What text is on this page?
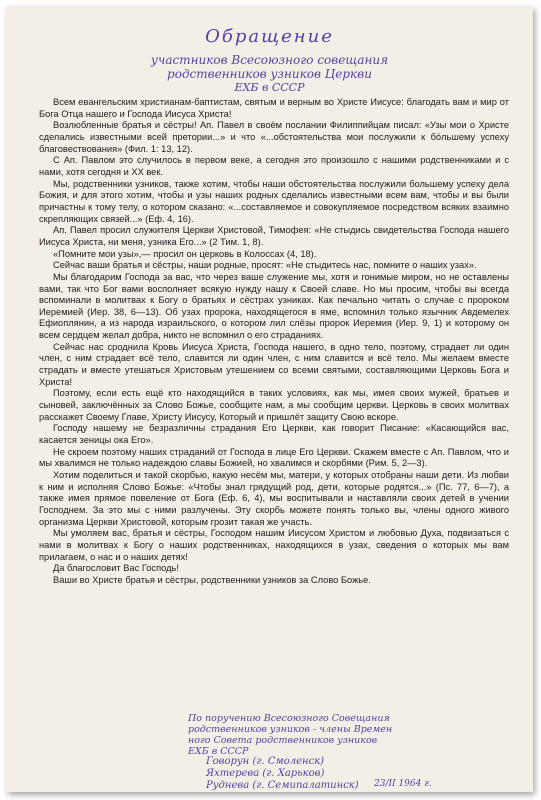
Обращение
участников Всесоюзного совещания
родственников узников Церкви
ЕХБ в СССР

Всем евангельским христианам-баптистам, святым и верным во Христе Иисусе: благодать вам и мир от Бога Отца нашего и Господа Иисуса Христа!

Возлюбленные братья и сёстры! Ап. Павел в своём послании Филиппийцам писал: «Узы мои о Христе сделались известными всей претории...» и что «...обстоятельства мои послужили к бо́льшему успеху благовествования» (Фил. 1: 13, 12).

С Ап. Павлом это случилось в первом веке, а сегодня это произошло с нашими родственниками и с нами, хотя сегодня и XX век.

Мы, родственники узников, также хотим, чтобы наши обстоятельства послужили большему успеху дела Божия, и для этого хотим, чтобы и узы наших родных сделались известными всем вам, чтобы и вы были причастны к тому телу, о котором сказано: «...составляемое и совокупляемое посредством всяких взаимно скрепляющих связей...» (Еф. 4, 16).

Ап. Павел просил служителя Церкви Христовой, Тимофея: «Не стыдись свидетельства Господа нашего Иисуса Христа, ни меня, узника Его...» (2 Тим. 1, 8).

«Помните мои узы»,— просил он церковь в Колоссах (4, 18).

Сейчас ваши братья и сёстры, наши родные, просят: «Не стыдитесь нас, помните о наших узах».

Мы благодарим Господа за вас, что через ваше служение мы, хотя и гонимые миром, но не оставлены вами, так что Бог вами восполняет всякую нужду нашу к Своей славе. Но мы просим, чтобы вы всегда вспоминали в молитвах к Богу о братьях и сёстрах узниках. Как печально читать о случае с пророком Иеремией (Иер. 38, 6—13). Об узах пророка, находящегося в яме, вспомнил только язычник Авдемелех Ефиоплянин, а из народа израильского, о котором лил слёзы пророк Иеремия (Иер. 9, 1) и которому он всем сердцем желал добра, никто не вспомнил о его страданиях.

Сейчас нас сроднила Кровь Иисуса Христа, Господа нашего, в одно тело, поэтому, страдает ли один член, с ним страдает всё тело, славится ли один член, с ним славится и всё тело. Мы желаем вместе страдать и вместе утешаться Христовым утешением со всеми святыми, составляющими Церковь Бога и Христа!

Поэтому, если есть ещё кто находящийся в таких условиях, как мы, имея своих мужей, братьев и сыновей, заключённых за Слово Божье, сообщите нам, а мы сообщим церкви. Церковь в своих молитвах расскажет Своему Главе, Христу Иисусу, Который и пришлёт защиту Свою вскоре.

Господу нашему не безразличны страдания Его Церкви, как говорит Писание: «Касающийся вас, касается зеницы ока Его».

Не скроем поэтому наших страданий от Господа в лице Его Церкви. Скажем вместе с Ап. Павлом, что и мы хвалимся не только надеждою славы Божией, но хвалимся и скорбями (Рим. 5, 2—3).

Хотим поделиться и такой скорбью, какую несём мы, матери, у которых отобраны наши дети. Из любви к ним и исполняя Слово Божье: «Чтобы знал грядущий род, дети, которые родятся...» (Пс. 77, 6—7), а также имея прямое повеление от Бога (Еф. 6, 4), мы воспитывали и наставляли своих детей в учении Господнем. За это мы с ними разлучены. Эту скорбь можете понять только вы, члены одного живого организма Церкви Христовой, которым грозит такая же участь.

Мы умоляем вас, братья и сёстры, Господом нашим Иисусом Христом и любовью Духа, подвизаться с нами в молитвах к Богу о наших родственниках, находящихся в узах, сведения о которых мы вам прилагаем, о нас и о наших детях!

Да благословит Вас Господь!

Ваши во Христе братья и сёстры, родственники узников за Слово Божье.

По поручению Всесоюзного Совещания
родственников узников - члены Времен
ного Совета родственников узников
ЕХБ в СССР
Говорун (г. Смоленск)
Яхтерева (г. Харьков)
Руднева (г. Семипалатинск) 23/II 1964 г.
